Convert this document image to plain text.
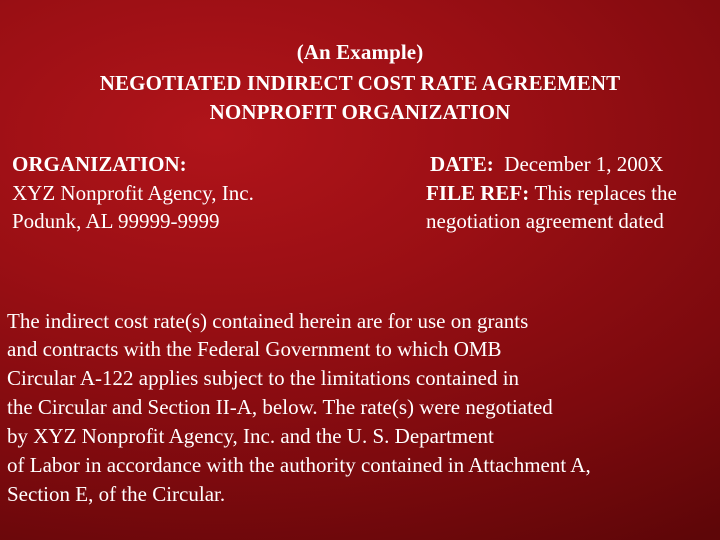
(An Example)
NEGOTIATED INDIRECT COST RATE AGREEMENT
NONPROFIT ORGANIZATION
ORGANIZATION:
XYZ Nonprofit Agency, Inc.
Podunk, AL 99999-9999
DATE: December 1, 200X
FILE REF: This replaces the
negotiation agreement dated
The indirect cost rate(s) contained herein are for use on grants
and contracts with the Federal Government to which OMB
Circular A-122 applies subject to the limitations contained in
the Circular and Section II-A, below. The rate(s) were negotiated
by XYZ Nonprofit Agency, Inc. and the U. S. Department
of Labor in accordance with the authority contained in Attachment A,
Section E, of the Circular.
